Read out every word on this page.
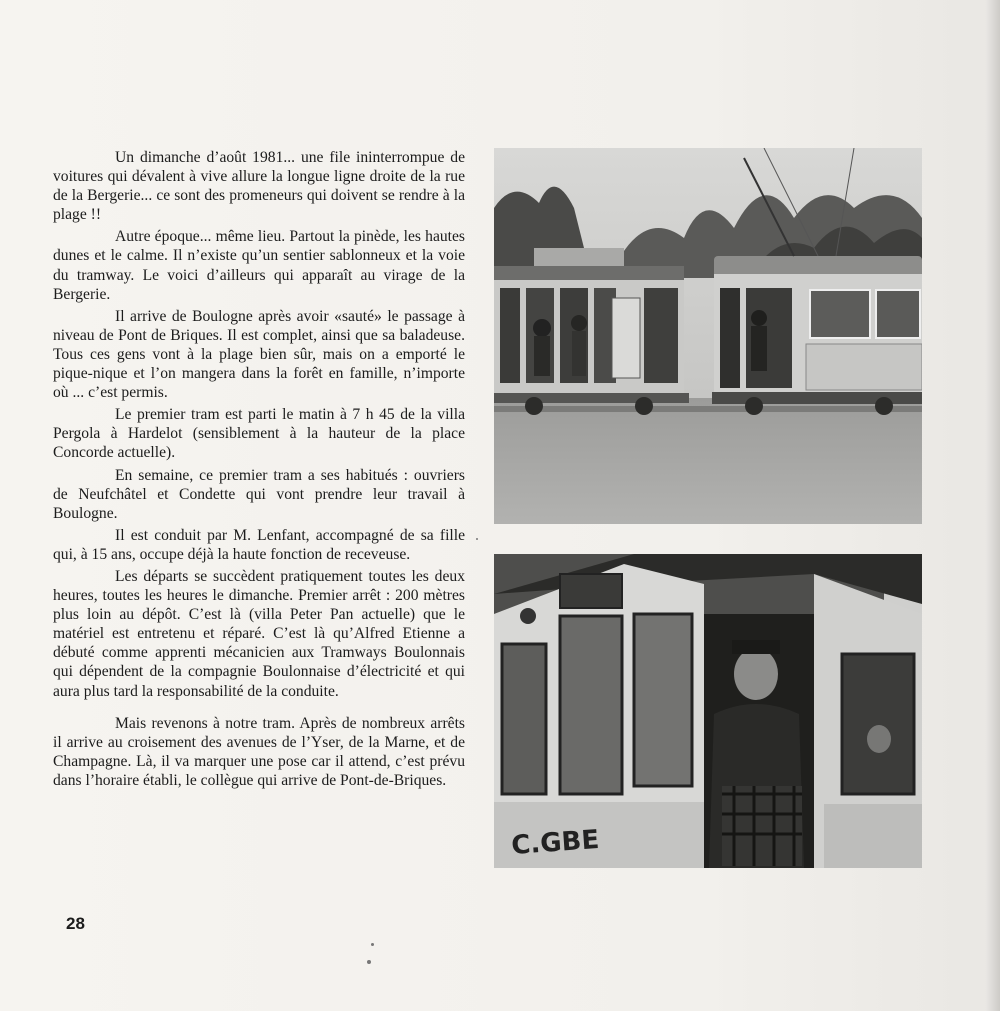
Un dimanche d’août 1981... une file ininterrompue de voitures qui dévalent à vive allure la longue ligne droite de la rue de la Bergerie... ce sont des promeneurs qui doivent se rendre à la plage !!

Autre époque... même lieu. Partout la pinède, les hautes dunes et le calme. Il n’existe qu’un sentier sablonneux et la voie du tramway. Le voici d’ailleurs qui apparaît au virage de la Bergerie.

Il arrive de Boulogne après avoir «sauté» le passage à niveau de Pont de Briques. Il est complet, ainsi que sa baladeuse. Tous ces gens vont à la plage bien sûr, mais on a emporté le pique-nique et l’on mangera dans la forêt en famille, n’importe où ... c’est permis.

Le premier tram est parti le matin à 7 h 45 de la villa Pergola à Hardelot (sensiblement à la hauteur de la place Concorde actuelle).

En semaine, ce premier tram a ses habitués : ouvriers de Neufchâtel et Condette qui vont prendre leur travail à Boulogne.

Il est conduit par M. Lenfant, accompagné de sa fille qui, à 15 ans, occupe déjà la haute fonction de receveuse.

Les départs se succèdent pratiquement toutes les deux heures, toutes les heures le dimanche. Premier arrêt : 200 mètres plus loin au dépôt. C’est là (villa Peter Pan actuelle) que le matériel est entretenu et réparé. C’est là qu’Alfred Etienne a débuté comme apprenti mécanicien aux Tramways Boulonnais qui dépendent de la compagnie Boulonnaise d’électricité et qui aura plus tard la responsabilité de la conduite.

Mais revenons à notre tram. Après de nombreux arrêts il arrive au croisement des avenues de l’Yser, de la Marne, et de Champagne. Là, il va marquer une pose car il attend, c’est prévu dans l’horaire établi, le collègue qui arrive de Pont-de-Briques.

28
C.GBE
